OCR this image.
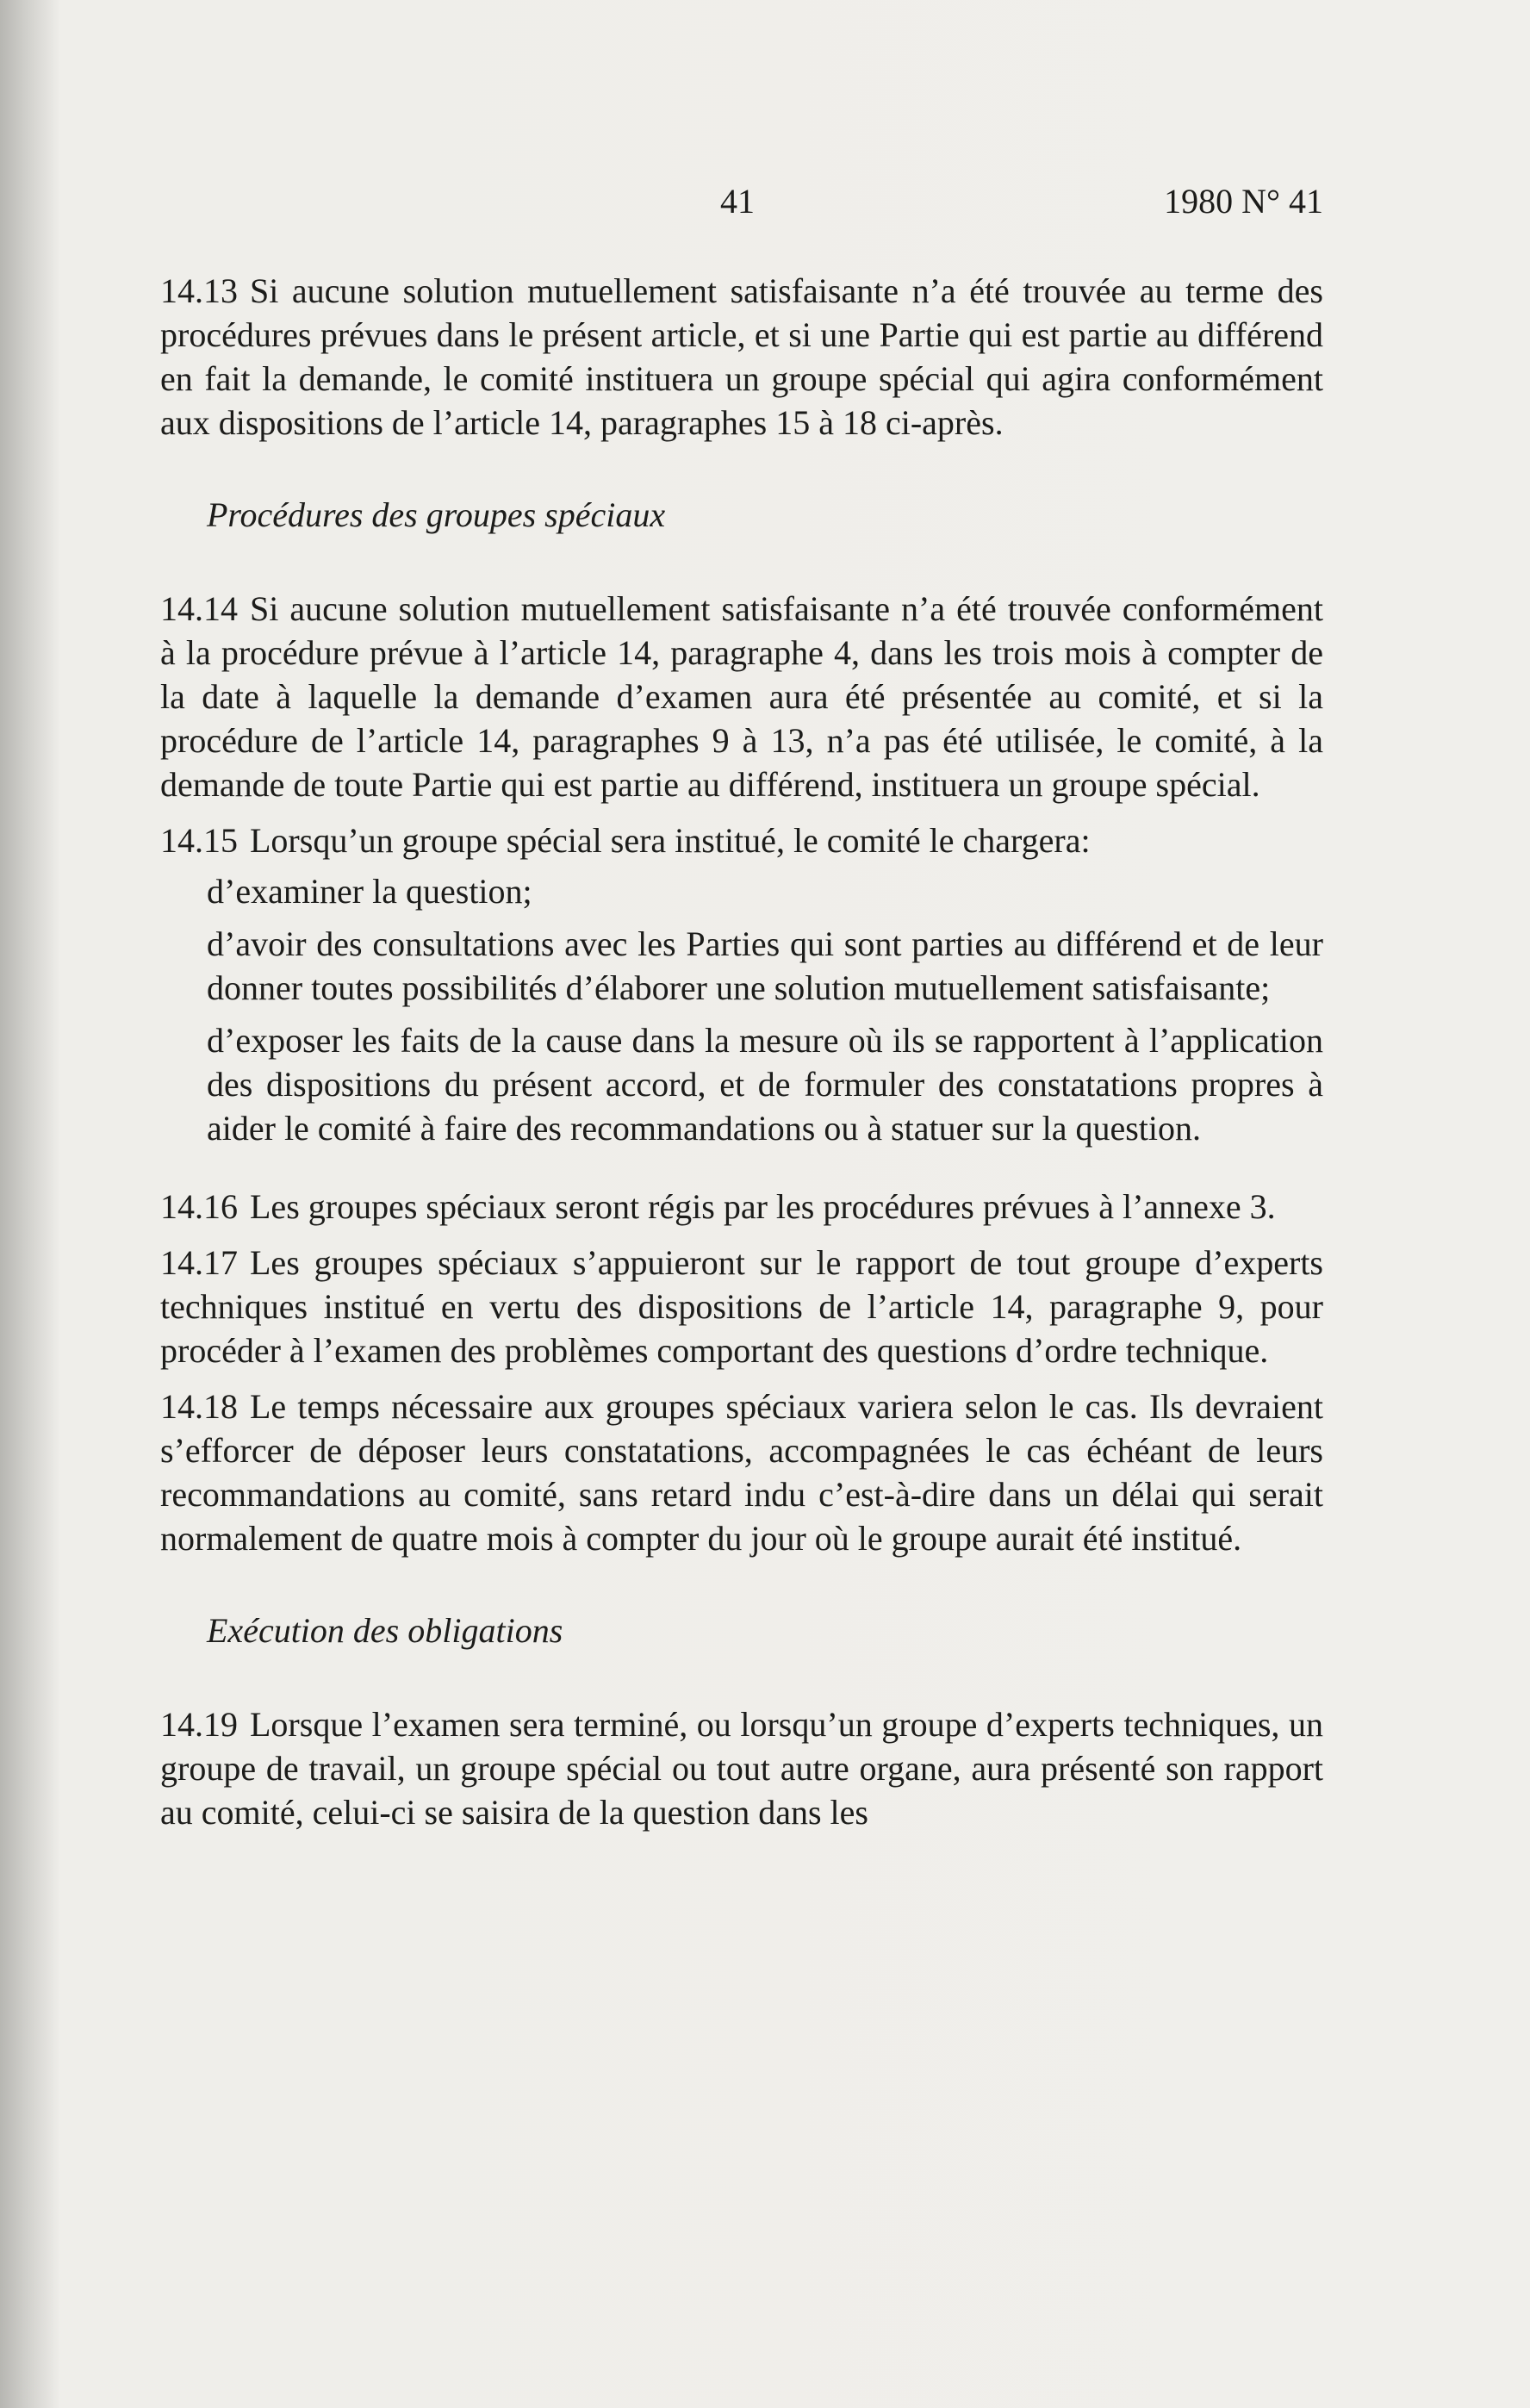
41	1980 N° 41

14.13 Si aucune solution mutuellement satisfaisante n’a été trouvée au terme des procédures prévues dans le présent article, et si une Partie qui est partie au différend en fait la demande, le comité instituera un groupe spécial qui agira conformément aux dispositions de l’article 14, paragraphes 15 à 18 ci-après.

Procédures des groupes spéciaux

14.14 Si aucune solution mutuellement satisfaisante n’a été trouvée conformément à la procédure prévue à l’article 14, paragraphe 4, dans les trois mois à compter de la date à laquelle la demande d’examen aura été présentée au comité, et si la procédure de l’article 14, paragraphes 9 à 13, n’a pas été utilisée, le comité, à la demande de toute Partie qui est partie au différend, instituera un groupe spécial.

14.15 Lorsqu’un groupe spécial sera institué, le comité le chargera:

d’examiner la question;

d’avoir des consultations avec les Parties qui sont parties au différend et de leur donner toutes possibilités d’élaborer une solution mutuellement satisfaisante;

d’exposer les faits de la cause dans la mesure où ils se rapportent à l’application des dispositions du présent accord, et de formuler des constatations propres à aider le comité à faire des recommandations ou à statuer sur la question.

14.16 Les groupes spéciaux seront régis par les procédures prévues à l’annexe 3.

14.17 Les groupes spéciaux s’appuieront sur le rapport de tout groupe d’experts techniques institué en vertu des dispositions de l’article 14, paragraphe 9, pour procéder à l’examen des problèmes comportant des questions d’ordre technique.

14.18 Le temps nécessaire aux groupes spéciaux variera selon le cas. Ils devraient s’efforcer de déposer leurs constatations, accompagnées le cas échéant de leurs recommandations au comité, sans retard indu c’est-à-dire dans un délai qui serait normalement de quatre mois à compter du jour où le groupe aurait été institué.

Exécution des obligations

14.19 Lorsque l’examen sera terminé, ou lorsqu’un groupe d’experts techniques, un groupe de travail, un groupe spécial ou tout autre organe, aura présenté son rapport au comité, celui-ci se saisira de la question dans les
